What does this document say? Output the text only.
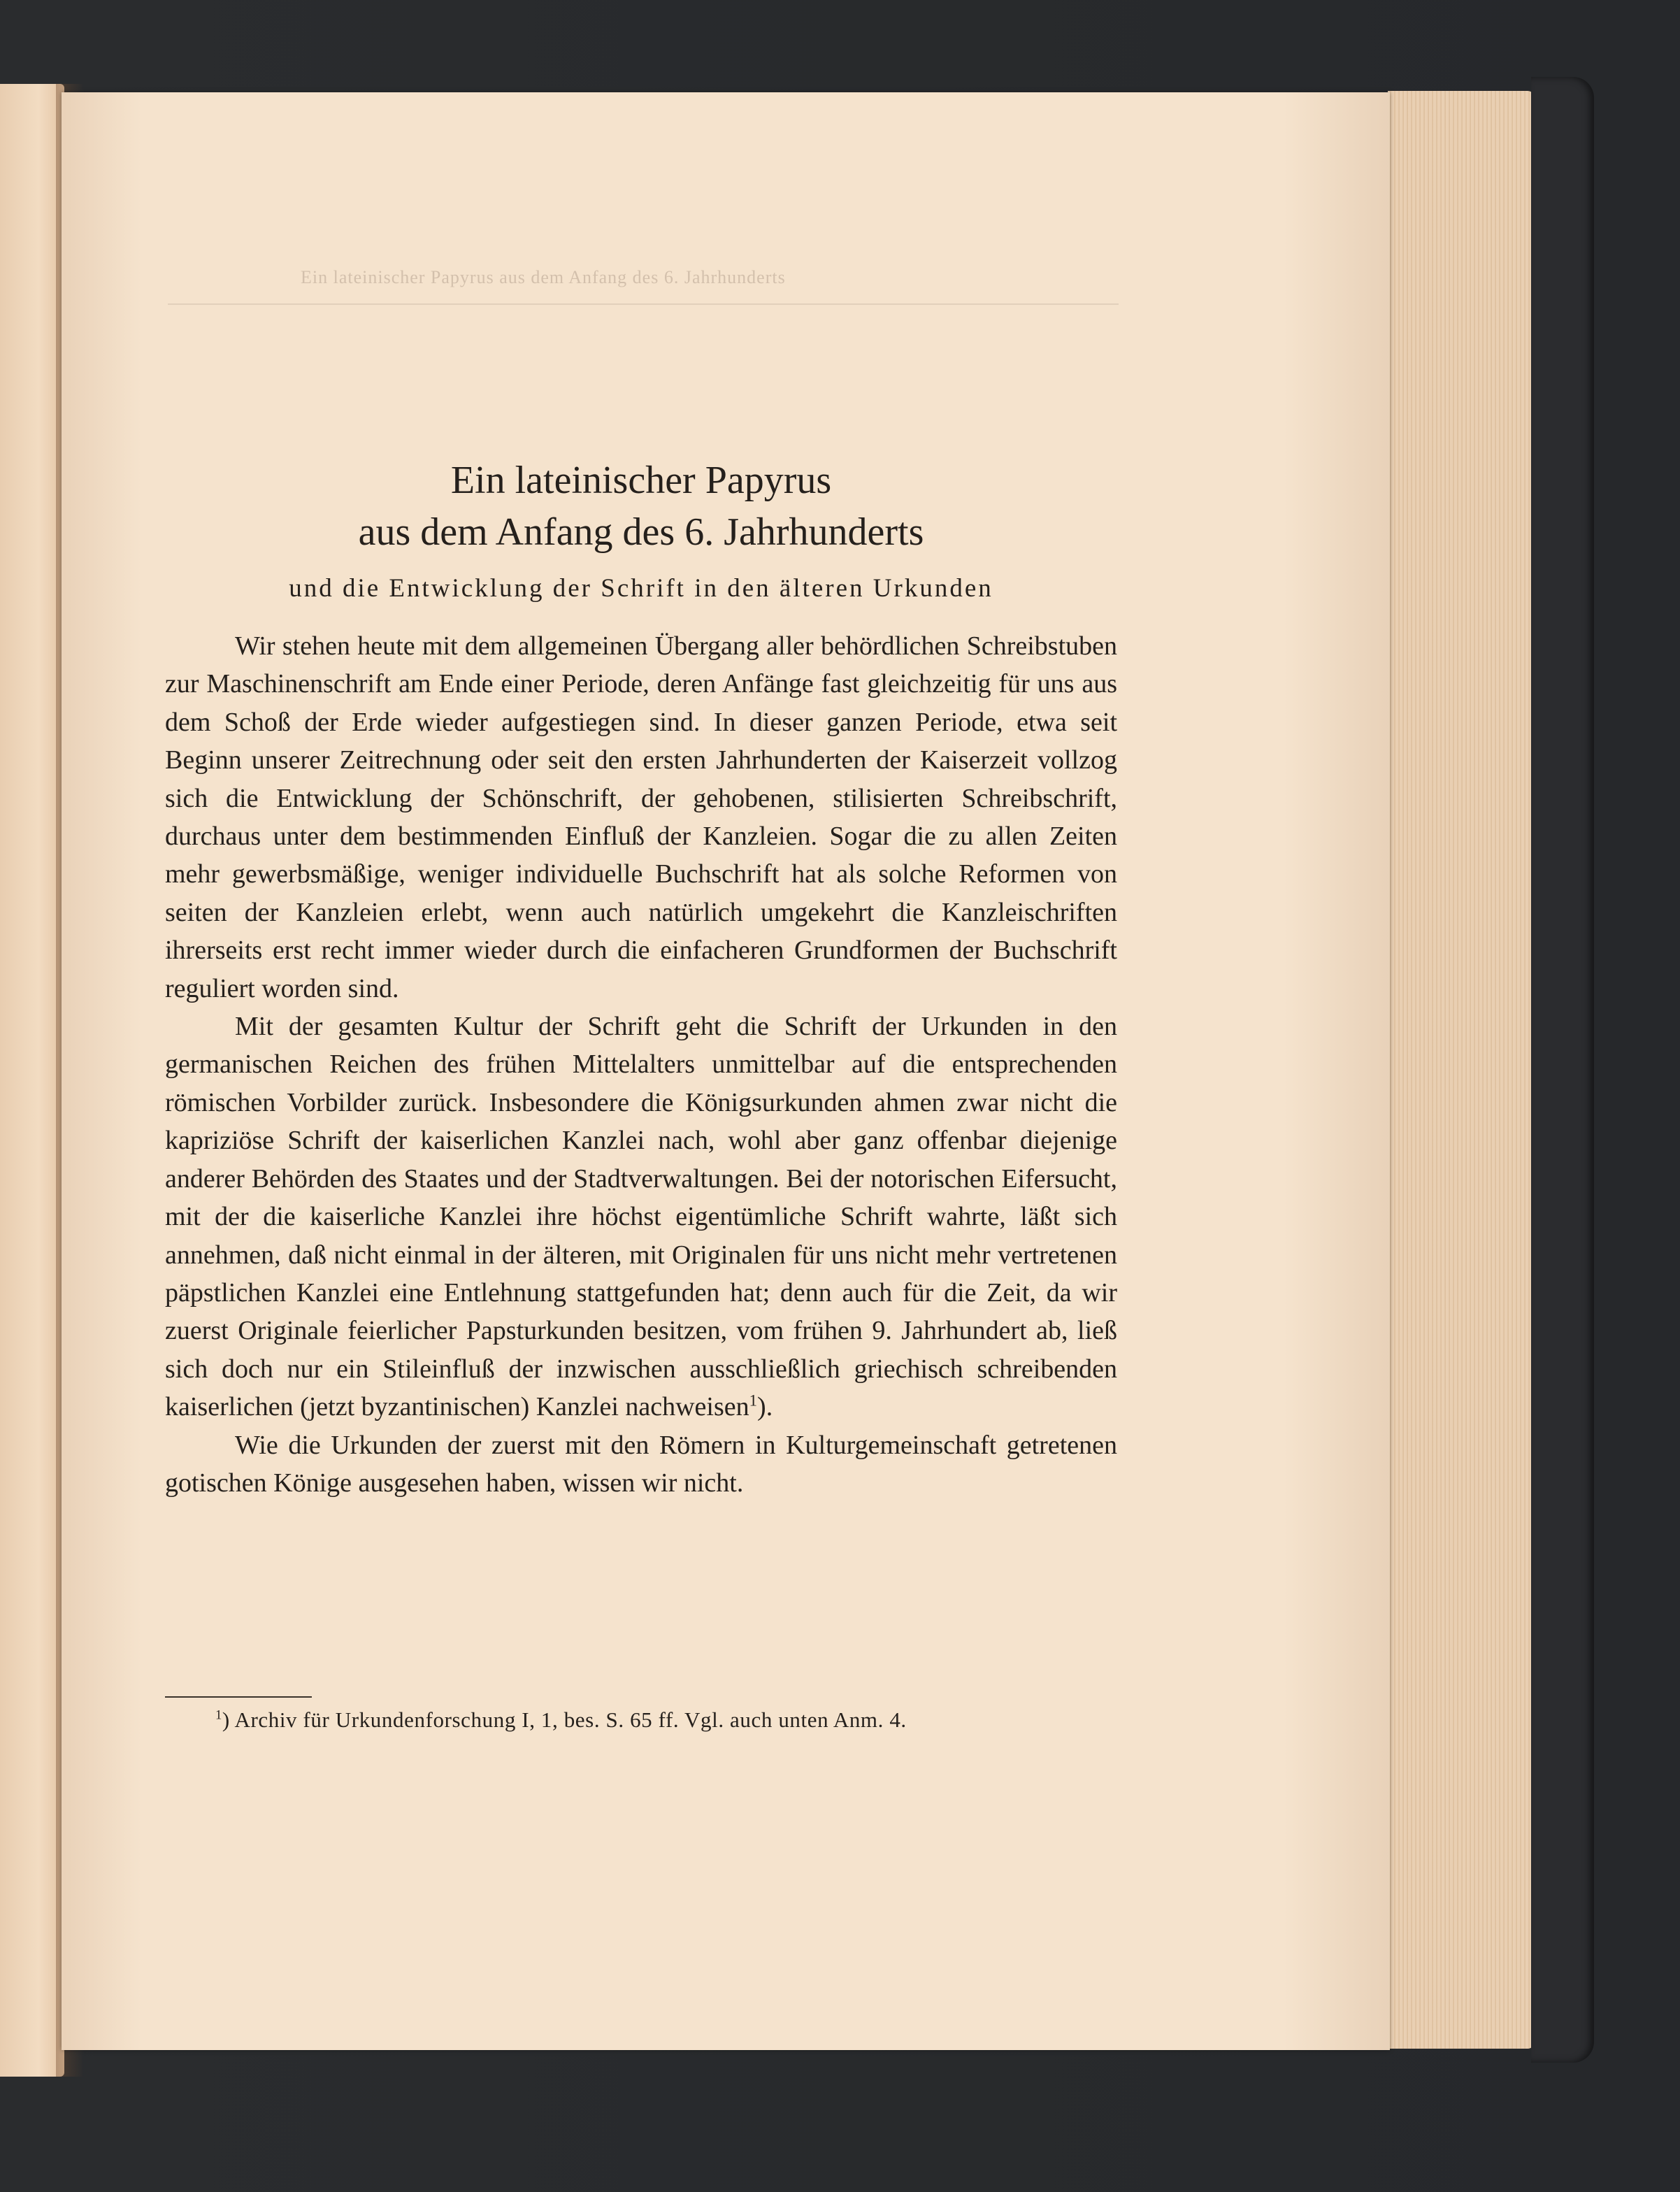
Ein lateinischer Papyrus aus dem Anfang des 6. Jahrhunderts
Ein lateinischer Papyrus
aus dem Anfang des 6. Jahrhunderts
und die Entwicklung der Schrift in den älteren Urkunden

Wir stehen heute mit dem allgemeinen Übergang aller behördlichen Schreibstuben zur Maschinenschrift am Ende einer Periode, deren Anfänge fast gleichzeitig für uns aus dem Schoß der Erde wieder aufgestiegen sind. In dieser ganzen Periode, etwa seit Beginn unserer Zeitrechnung oder seit den ersten Jahrhunderten der Kaiserzeit vollzog sich die Entwicklung der Schönschrift, der gehobenen, stilisierten Schreibschrift, durchaus unter dem bestimmenden Einfluß der Kanzleien. Sogar die zu allen Zeiten mehr gewerbsmäßige, weniger individuelle Buchschrift hat als solche Reformen von seiten der Kanzleien erlebt, wenn auch natürlich umgekehrt die Kanzleischriften ihrerseits erst recht immer wieder durch die einfacheren Grundformen der Buchschrift reguliert worden sind.

Mit der gesamten Kultur der Schrift geht die Schrift der Urkunden in den germanischen Reichen des frühen Mittelalters unmittelbar auf die entsprechenden römischen Vorbilder zurück. Insbesondere die Königsurkunden ahmen zwar nicht die kapriziöse Schrift der kaiserlichen Kanzlei nach, wohl aber ganz offenbar diejenige anderer Behörden des Staates und der Stadtverwaltungen. Bei der notorischen Eifersucht, mit der die kaiserliche Kanzlei ihre höchst eigentümliche Schrift wahrte, läßt sich annehmen, daß nicht einmal in der älteren, mit Originalen für uns nicht mehr vertretenen päpstlichen Kanzlei eine Entlehnung stattgefunden hat; denn auch für die Zeit, da wir zuerst Originale feierlicher Papsturkunden besitzen, vom frühen 9. Jahrhundert ab, ließ sich doch nur ein Stileinfluß der inzwischen ausschließlich griechisch schreibenden kaiserlichen (jetzt byzantinischen) Kanzlei nachweisen$^1$).

Wie die Urkunden der zuerst mit den Römern in Kulturgemeinschaft getretenen gotischen Könige ausgesehen haben, wissen wir nicht.

$^1$) Archiv für Urkundenforschung I, 1, bes. S. 65 ff. Vgl. auch unten Anm. 4.
